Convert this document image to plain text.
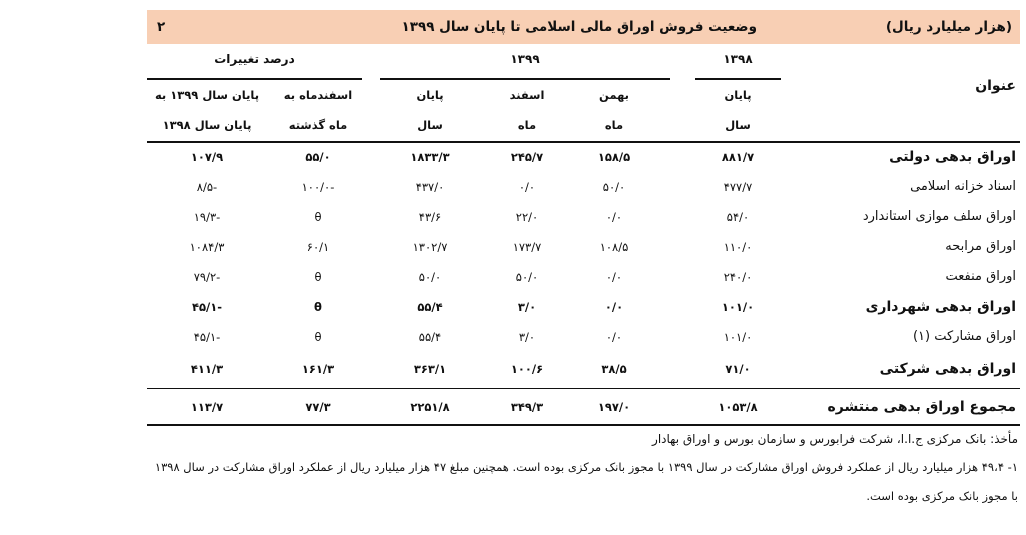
(هزار میلیارد ریال)
وضعیت فروش اوراق مالی اسلامی تا پایان سال ۱۳۹۹
۲
۱۳۹۸
۱۳۹۹
درصد تغییرات
عنوان
پایان
سال
بهمن
ماه
اسفند
ماه
پایان
سال
اسفندماه به
ماه گذشته
پایان سال ۱۳۹۹ به
پایان سال ۱۳۹۸
اوراق بدهی دولتی
۸۸۱/۷
۱۵۸/۵
۲۴۵/۷
۱۸۳۳/۳
۵۵/۰
۱۰۷/۹
اسناد خزانه اسلامی
۴۷۷/۷
۵۰/۰
۰/۰
۴۳۷/۰
-۱۰۰/۰
-۸/۵
اوراق سلف موازی استاندارد
۵۴/۰
۰/۰
۲۲/۰
۴۳/۶
θ
-۱۹/۳
اوراق مرابحه
۱۱۰/۰
۱۰۸/۵
۱۷۳/۷
۱۳۰۲/۷
۶۰/۱
۱۰۸۴/۳
اوراق منفعت
۲۴۰/۰
۰/۰
۵۰/۰
۵۰/۰
θ
-۷۹/۲
اوراق بدهی شهرداری
۱۰۱/۰
۰/۰
۳/۰
۵۵/۴
θ
-۴۵/۱
اوراق مشارکت (۱)
۱۰۱/۰
۰/۰
۳/۰
۵۵/۴
θ
-۴۵/۱
اوراق بدهی شرکتی
۷۱/۰
۳۸/۵
۱۰۰/۶
۳۶۳/۱
۱۶۱/۳
۴۱۱/۳
مجموع اوراق بدهی منتشره
۱۰۵۳/۸
۱۹۷/۰
۳۴۹/۳
۲۲۵۱/۸
۷۷/۳
۱۱۳/۷
مأخذ: بانک مرکزی ج.ا.ا، شرکت فرابورس و سازمان بورس و اوراق بهادار
۱- ۴۹،۴ هزار میلیارد ریال از عملکرد فروش اوراق مشارکت در سال ۱۳۹۹ با مجوز بانک مرکزی بوده است. همچنین مبلغ ۴۷ هزار میلیارد ریال از عملکرد اوراق مشارکت در سال ۱۳۹۸
با مجوز بانک مرکزی بوده است.
